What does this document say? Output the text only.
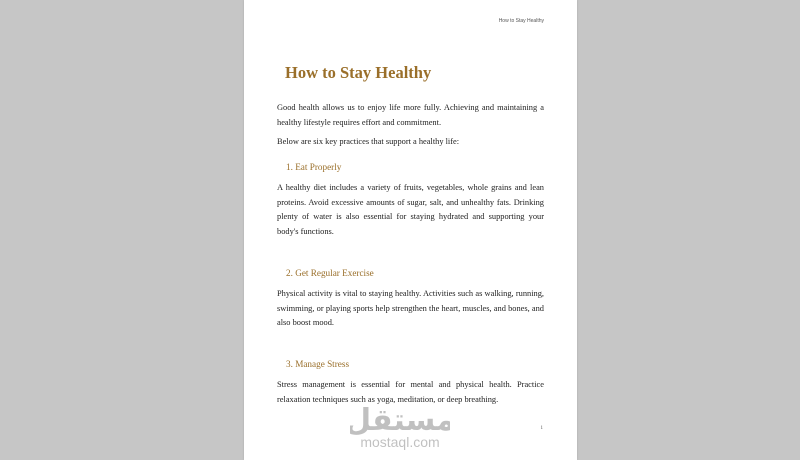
How to Stay Healthy
How to Stay Healthy

Good health allows us to enjoy life more fully. Achieving and maintaining a healthy lifestyle requires effort and commitment.

Below are six key practices that support a healthy life:

1. Eat Properly

A healthy diet includes a variety of fruits, vegetables, whole grains and lean proteins. Avoid excessive amounts of sugar, salt, and unhealthy fats. Drinking plenty of water is also essential for staying hydrated and supporting your body's functions.

2. Get Regular Exercise

Physical activity is vital to staying healthy. Activities such as walking, running, swimming, or playing sports help strengthen the heart, muscles, and bones, and also boost mood.

3. Manage Stress

Stress management is essential for mental and physical health. Practice relaxation techniques such as yoga, meditation, or deep breathing.

1
مستقل
mostaql.com
